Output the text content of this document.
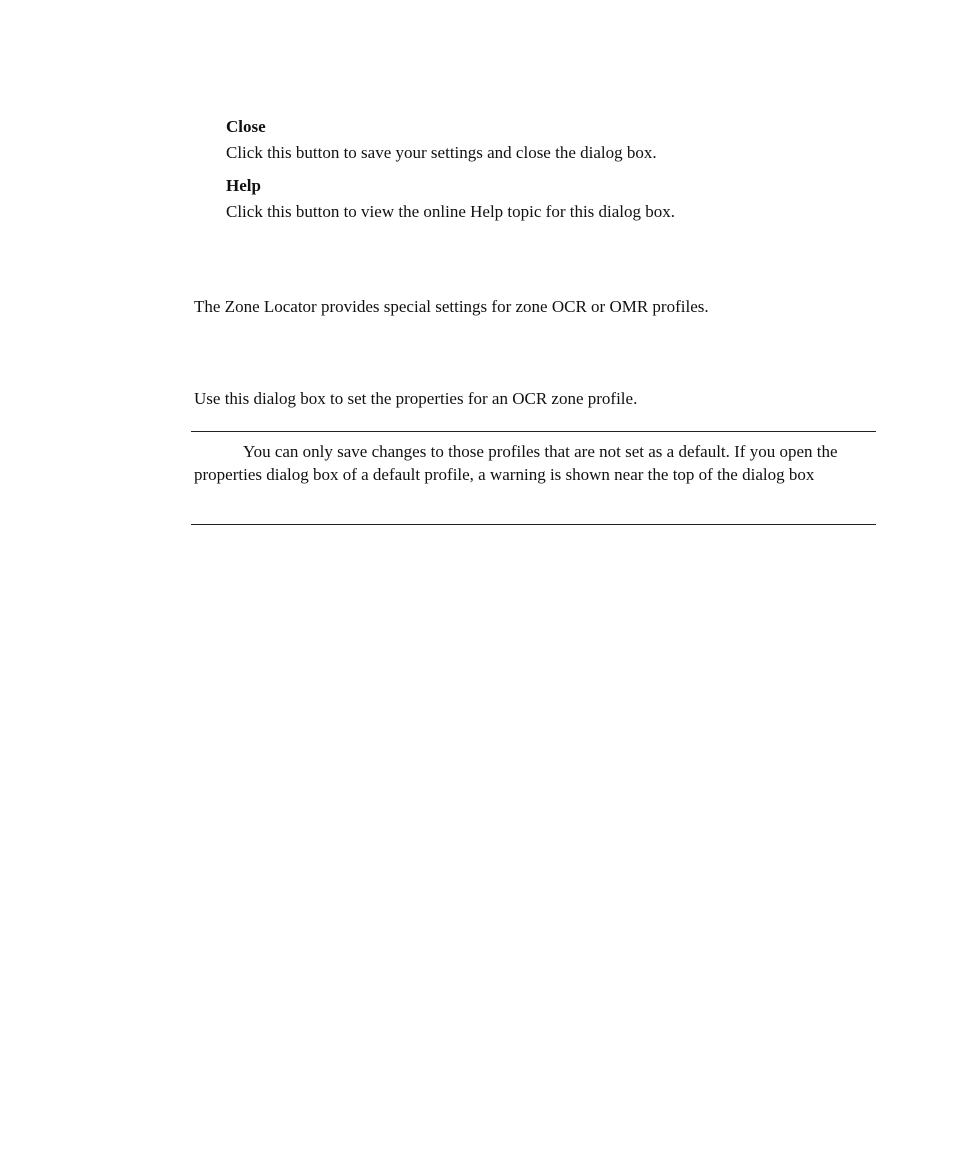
Close

Click this button to save your settings and close the dialog box.

Help

Click this button to view the online Help topic for this dialog box.

The Zone Locator provides special settings for zone OCR or OMR profiles.

Use this dialog box to set the properties for an OCR zone profile.

You can only save changes to those profiles that are not set as a default. If you open the properties dialog box of a default profile, a warning is shown near the top of the dialog box
